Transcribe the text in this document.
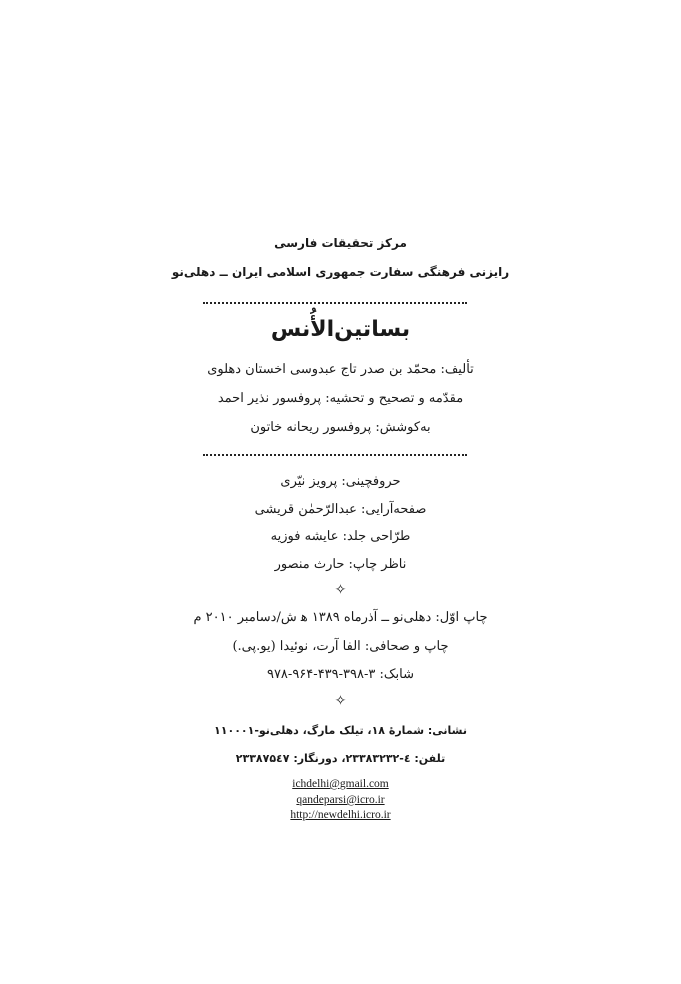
مرکز تحقیقات فارسی
رایزنی فرهنگی سفارت جمهوری اسلامی ایران ــ دهلی‌نو
بساتین‌الأُنس
تألیف: محمّد بن صدر تاج عبدوسی اخستان دهلوی
مقدّمه و تصحیح و تحشیه: پروفسور نذیر احمد
به‌کوشش: پروفسور ریحانه خاتون
حروفچینی: پرویز نیّری
صفحه‌آرایی: عبدالرّحمٰن قریشی
طرّاحی جلد: عایشه فوزیه
ناظر چاپ: حارث منصور
✧
چاپ اوّل: دهلی‌نو ــ آذرماه ۱۳۸۹ ﻫ ش/دسامبر ۲۰۱۰ م
چاپ و صحافی: الفا آرت، نوئیدا (یو.پی.)
شابک: ۳-۳۹۸-۴۳۹-۹۶۴-۹۷۸
✧
نشانی: شمارهٔ ۱۸، تیلک مارگ، دهلی‌نو-۱۱۰۰۰۱
تلفن: ٤-۲۳۳۸۳۲۳۲، دورنگار: ۲۳۳۸۷۵٤۷
ichdelhi@gmail.com
qandeparsi@icro.ir
http://newdelhi.icro.ir
